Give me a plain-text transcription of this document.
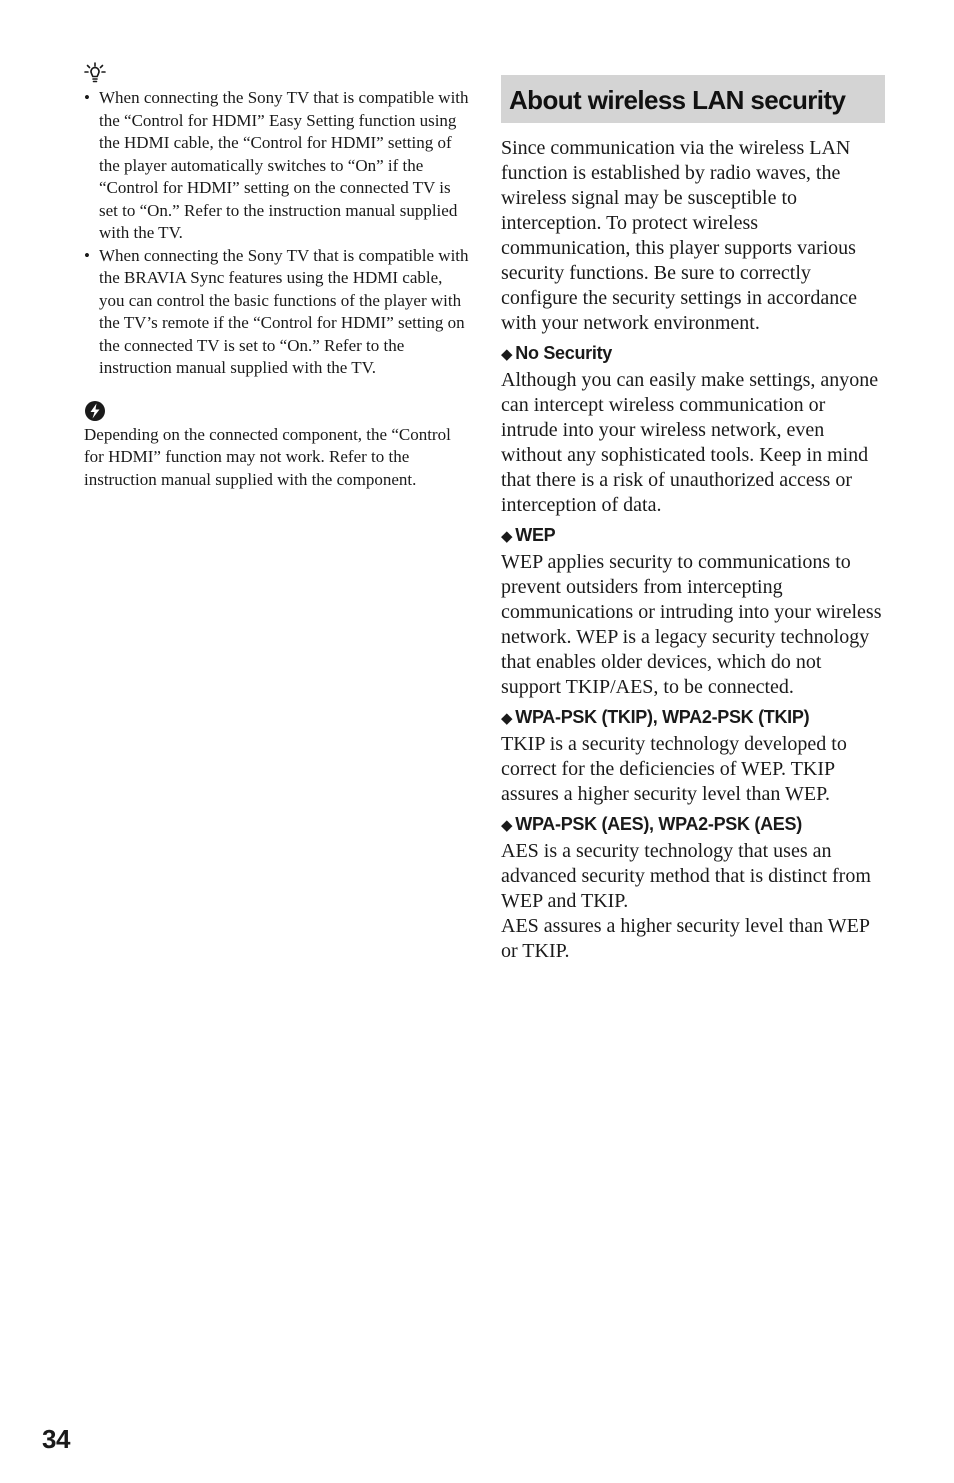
• When connecting the Sony TV that is compatible with the “Control for HDMI” Easy Setting function using the HDMI cable, the “Control for HDMI” setting of the player automatically switches to “On” if the “Control for HDMI” setting on the connected TV is set to “On.” Refer to the instruction manual supplied with the TV.
• When connecting the Sony TV that is compatible with the BRAVIA Sync features using the HDMI cable, you can control the basic functions of the player with the TV’s remote if the “Control for HDMI” setting on the connected TV is set to “On.” Refer to the instruction manual supplied with the TV.

Depending on the connected component, the “Control for HDMI” function may not work. Refer to the instruction manual supplied with the component.

About wireless LAN security

Since communication via the wireless LAN function is established by radio waves, the wireless signal may be susceptible to interception. To protect wireless communication, this player supports various security functions. Be sure to correctly configure the security settings in accordance with your network environment.

◆ No Security

Although you can easily make settings, anyone can intercept wireless communication or intrude into your wireless network, even without any sophisticated tools. Keep in mind that there is a risk of unauthorized access or interception of data.

◆ WEP

WEP applies security to communications to prevent outsiders from intercepting communications or intruding into your wireless network. WEP is a legacy security technology that enables older devices, which do not support TKIP/AES, to be connected.

◆ WPA-PSK (TKIP), WPA2-PSK (TKIP)

TKIP is a security technology developed to correct for the deficiencies of WEP. TKIP assures a higher security level than WEP.

◆ WPA-PSK (AES), WPA2-PSK (AES)

AES is a security technology that uses an advanced security method that is distinct from WEP and TKIP.

AES assures a higher security level than WEP or TKIP.

34
